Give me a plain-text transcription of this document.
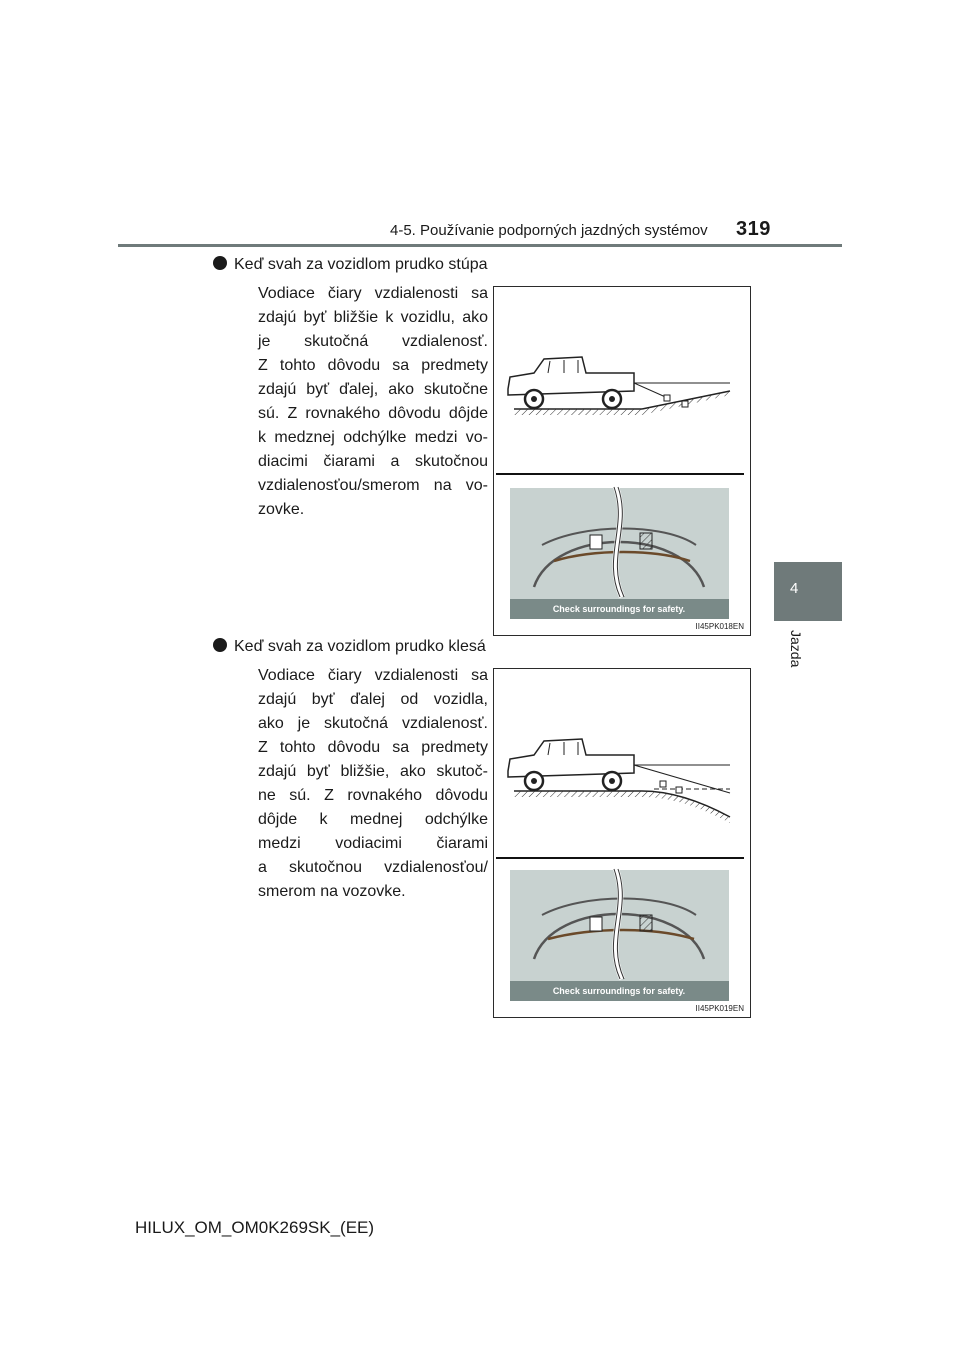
4-5. Používanie podporných jazdných systémov 319
4
Jazda
Keď svah za vozidlom prudko stúpa
Vodiace čiary vzdialenosti sa
zdajú byť bližšie k vozidlu, ako
je skutočná vzdialenosť.
Z tohto dôvodu sa predmety
zdajú byť ďalej, ako skutočne
sú. Z rovnakého dôvodu dôjde
k medznej odchýlke medzi vo-
diacimi čiarami a skutočnou
vzdialenosťou/smerom na vo-
zovke.
Check surroundings for safety.
II45PK018EN
Keď svah za vozidlom prudko klesá
Vodiace čiary vzdialenosti sa
zdajú byť ďalej od vozidla,
ako je skutočná vzdialenosť.
Z tohto dôvodu sa predmety
zdajú byť bližšie, ako skutoč-
ne sú. Z rovnakého dôvodu
dôjde k mednej odchýlke
medzi vodiacimi čiarami
a skutočnou vzdialenosťou/
smerom na vozovke.
Check surroundings for safety.
II45PK019EN
HILUX_OM_OM0K269SK_(EE)
